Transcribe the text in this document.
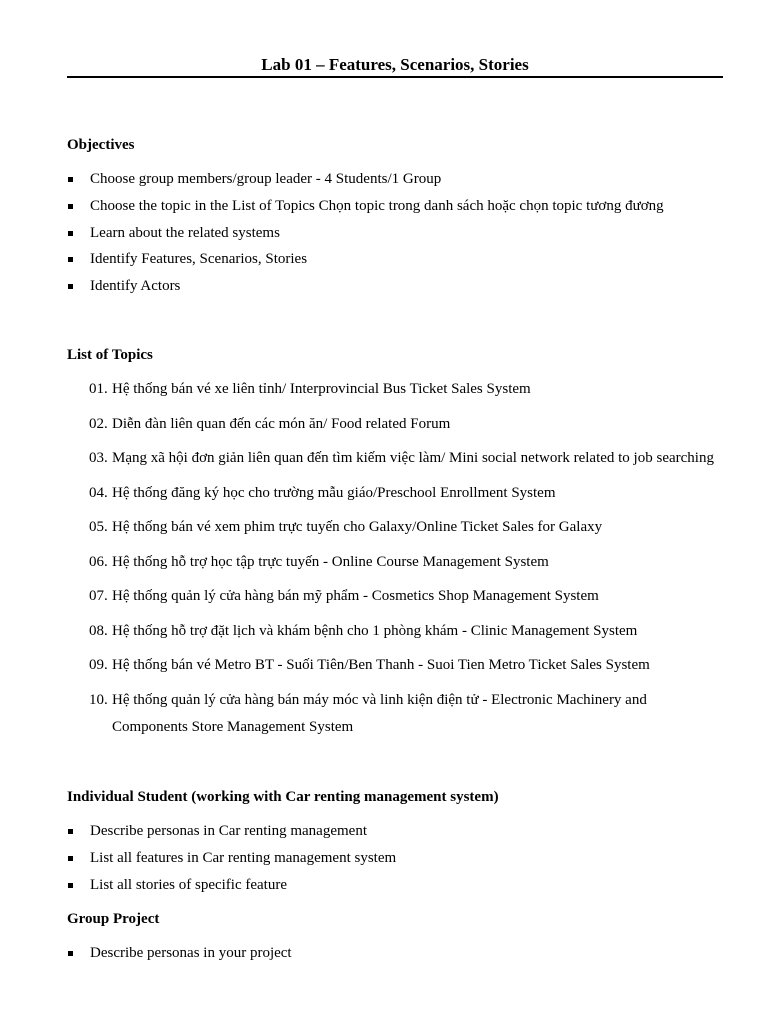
Lab 01 – Features, Scenarios, Stories
Objectives
Choose group members/group leader - 4 Students/1 Group
Choose the topic in the List of Topics Chọn topic trong danh sách hoặc chọn topic tương đương
Learn about the related systems
Identify Features, Scenarios, Stories
Identify Actors
List of Topics
01. Hệ thống bán vé xe liên tỉnh/ Interprovincial Bus Ticket Sales System
02. Diễn đàn liên quan đến các món ăn/ Food related Forum
03. Mạng xã hội đơn giản liên quan đến tìm kiếm việc làm/ Mini social network related to job searching
04. Hệ thống đăng ký học cho trường mẫu giáo/Preschool Enrollment System
05. Hệ thống bán vé xem phim trực tuyến cho Galaxy/Online Ticket Sales for Galaxy
06. Hệ thống hỗ trợ học tập trực tuyến - Online Course Management System
07. Hệ thống quản lý cửa hàng bán mỹ phẩm - Cosmetics Shop Management System
08. Hệ thống hỗ trợ đặt lịch và khám bệnh cho 1 phòng khám - Clinic Management System
09. Hệ thống bán vé Metro BT - Suối Tiên/Ben Thanh - Suoi Tien Metro Ticket Sales System
10. Hệ thống quản lý cửa hàng bán máy móc và linh kiện điện tử - Electronic Machinery and Components Store Management System
Individual Student (working with Car renting management system)
Describe personas in Car renting management
List all features in Car renting management system
List all stories of specific feature
Group Project
Describe personas in your project
